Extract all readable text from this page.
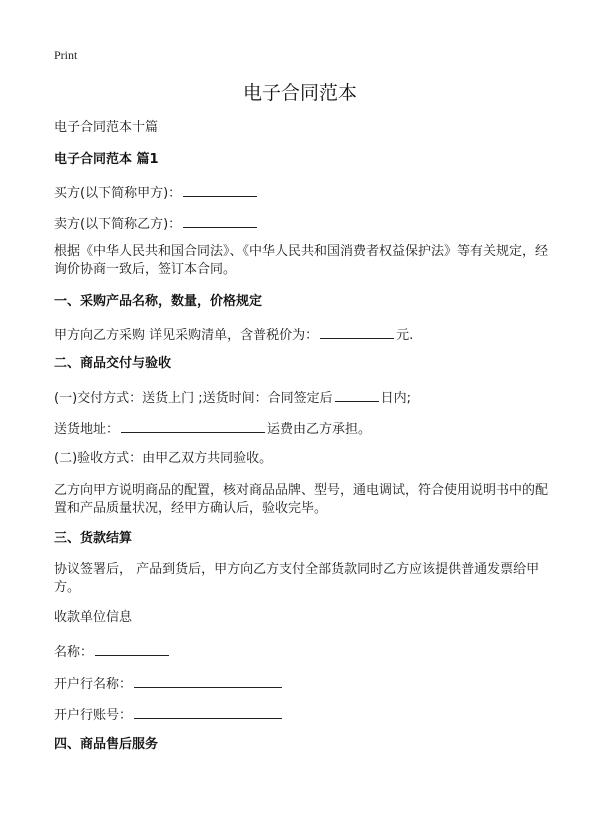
Print
电子合同范本
电子合同范本十篇
电子合同范本 篇1
买方(以下简称甲方)：
卖方(以下简称乙方)：
根据《中华人民共和国合同法》、《中华人民共和国消费者权益保护法》等有关规定，经询价协商一致后，签订本合同。
一、采购产品名称，数量，价格规定
甲方向乙方采购 详见采购清单，含普税价为：	元.
二、商品交付与验收
(一)交付方式：送货上门 ;送货时间：合同签定后	日内;
送货地址：	运费由乙方承担。
(二)验收方式：由甲乙双方共同验收。
乙方向甲方说明商品的配置，核对商品品牌、型号，通电调试，符合使用说明书中的配置和产品质量状况，经甲方确认后，验收完毕。
三、货款结算
协议签署后， 产品到货后，甲方向乙方支付全部货款同时乙方应该提供普通发票给甲方。
收款单位信息
名称：
开户行名称：
开户行账号：
四、商品售后服务
